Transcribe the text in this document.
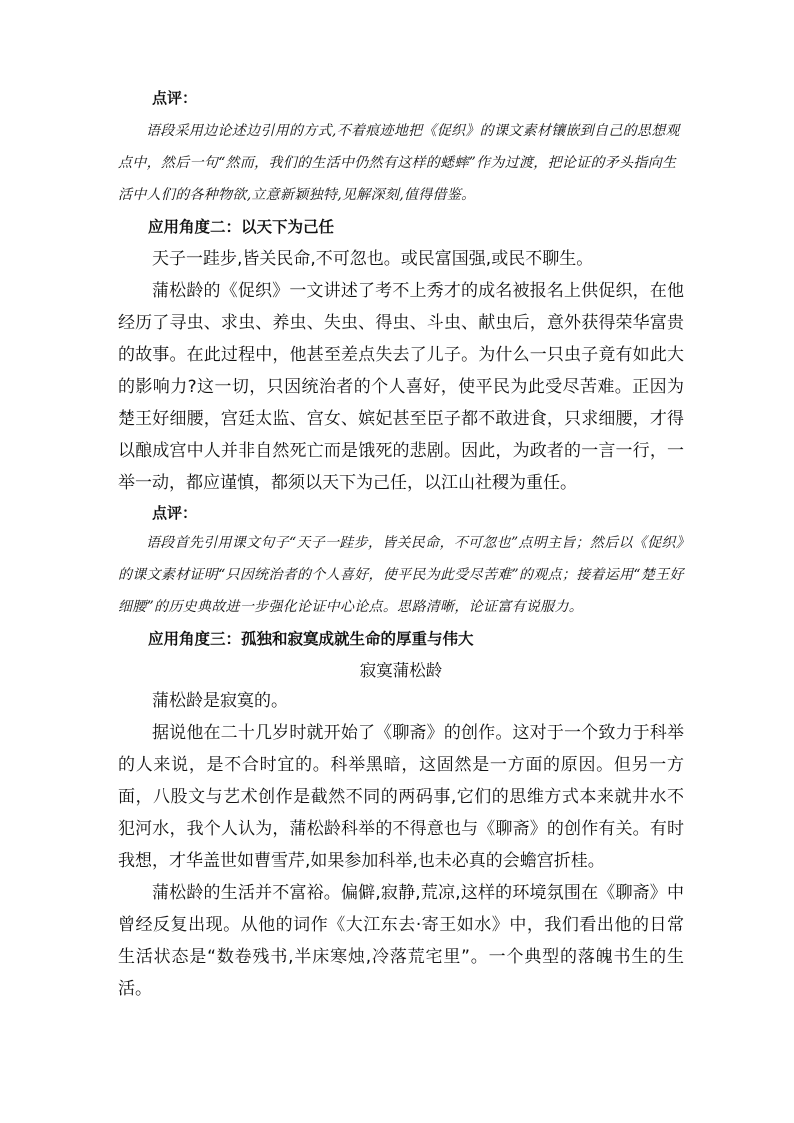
点评：

语段采用边论述边引用的方式,不着痕迹地把《促织》的课文素材镶嵌到自己的思想观点中，然后一句“然而，我们的生活中仍然有这样的蟋蟀”作为过渡，把论证的矛头指向生活中人们的各种物欲,立意新颖独特,见解深刻,值得借鉴。

应用角度二：以天下为己任

天子一跬步,皆关民命,不可忽也。或民富国强,或民不聊生。

蒲松龄的《促织》一文讲述了考不上秀才的成名被报名上供促织，在他经历了寻虫、求虫、养虫、失虫、得虫、斗虫、献虫后，意外获得荣华富贵的故事。在此过程中，他甚至差点失去了儿子。为什么一只虫子竟有如此大的影响力?这一切，只因统治者的个人喜好，使平民为此受尽苦难。正因为楚王好细腰，宫廷太监、宫女、嫔妃甚至臣子都不敢进食，只求细腰，才得以酿成宫中人并非自然死亡而是饿死的悲剧。因此，为政者的一言一行，一举一动，都应谨慎，都须以天下为己任，以江山社稷为重任。

点评：

语段首先引用课文句子“天子一跬步，皆关民命，不可忽也”点明主旨；然后以《促织》的课文素材证明“只因统治者的个人喜好，使平民为此受尽苦难”的观点；接着运用“楚王好细腰”的历史典故进一步强化论证中心论点。思路清晰，论证富有说服力。

应用角度三：孤独和寂寞成就生命的厚重与伟大

寂寞蒲松龄

蒲松龄是寂寞的。

据说他在二十几岁时就开始了《聊斋》的创作。这对于一个致力于科举的人来说，是不合时宜的。科举黑暗，这固然是一方面的原因。但另一方面，八股文与艺术创作是截然不同的两码事,它们的思维方式本来就井水不犯河水，我个人认为，蒲松龄科举的不得意也与《聊斋》的创作有关。有时我想，才华盖世如曹雪芹,如果参加科举,也未必真的会蟾宫折桂。

蒲松龄的生活并不富裕。偏僻,寂静,荒凉,这样的环境氛围在《聊斋》中曾经反复出现。从他的词作《大江东去·寄王如水》中，我们看出他的日常生活状态是“数卷残书,半床寒烛,冷落荒宅里”。一个典型的落魄书生的生活。
